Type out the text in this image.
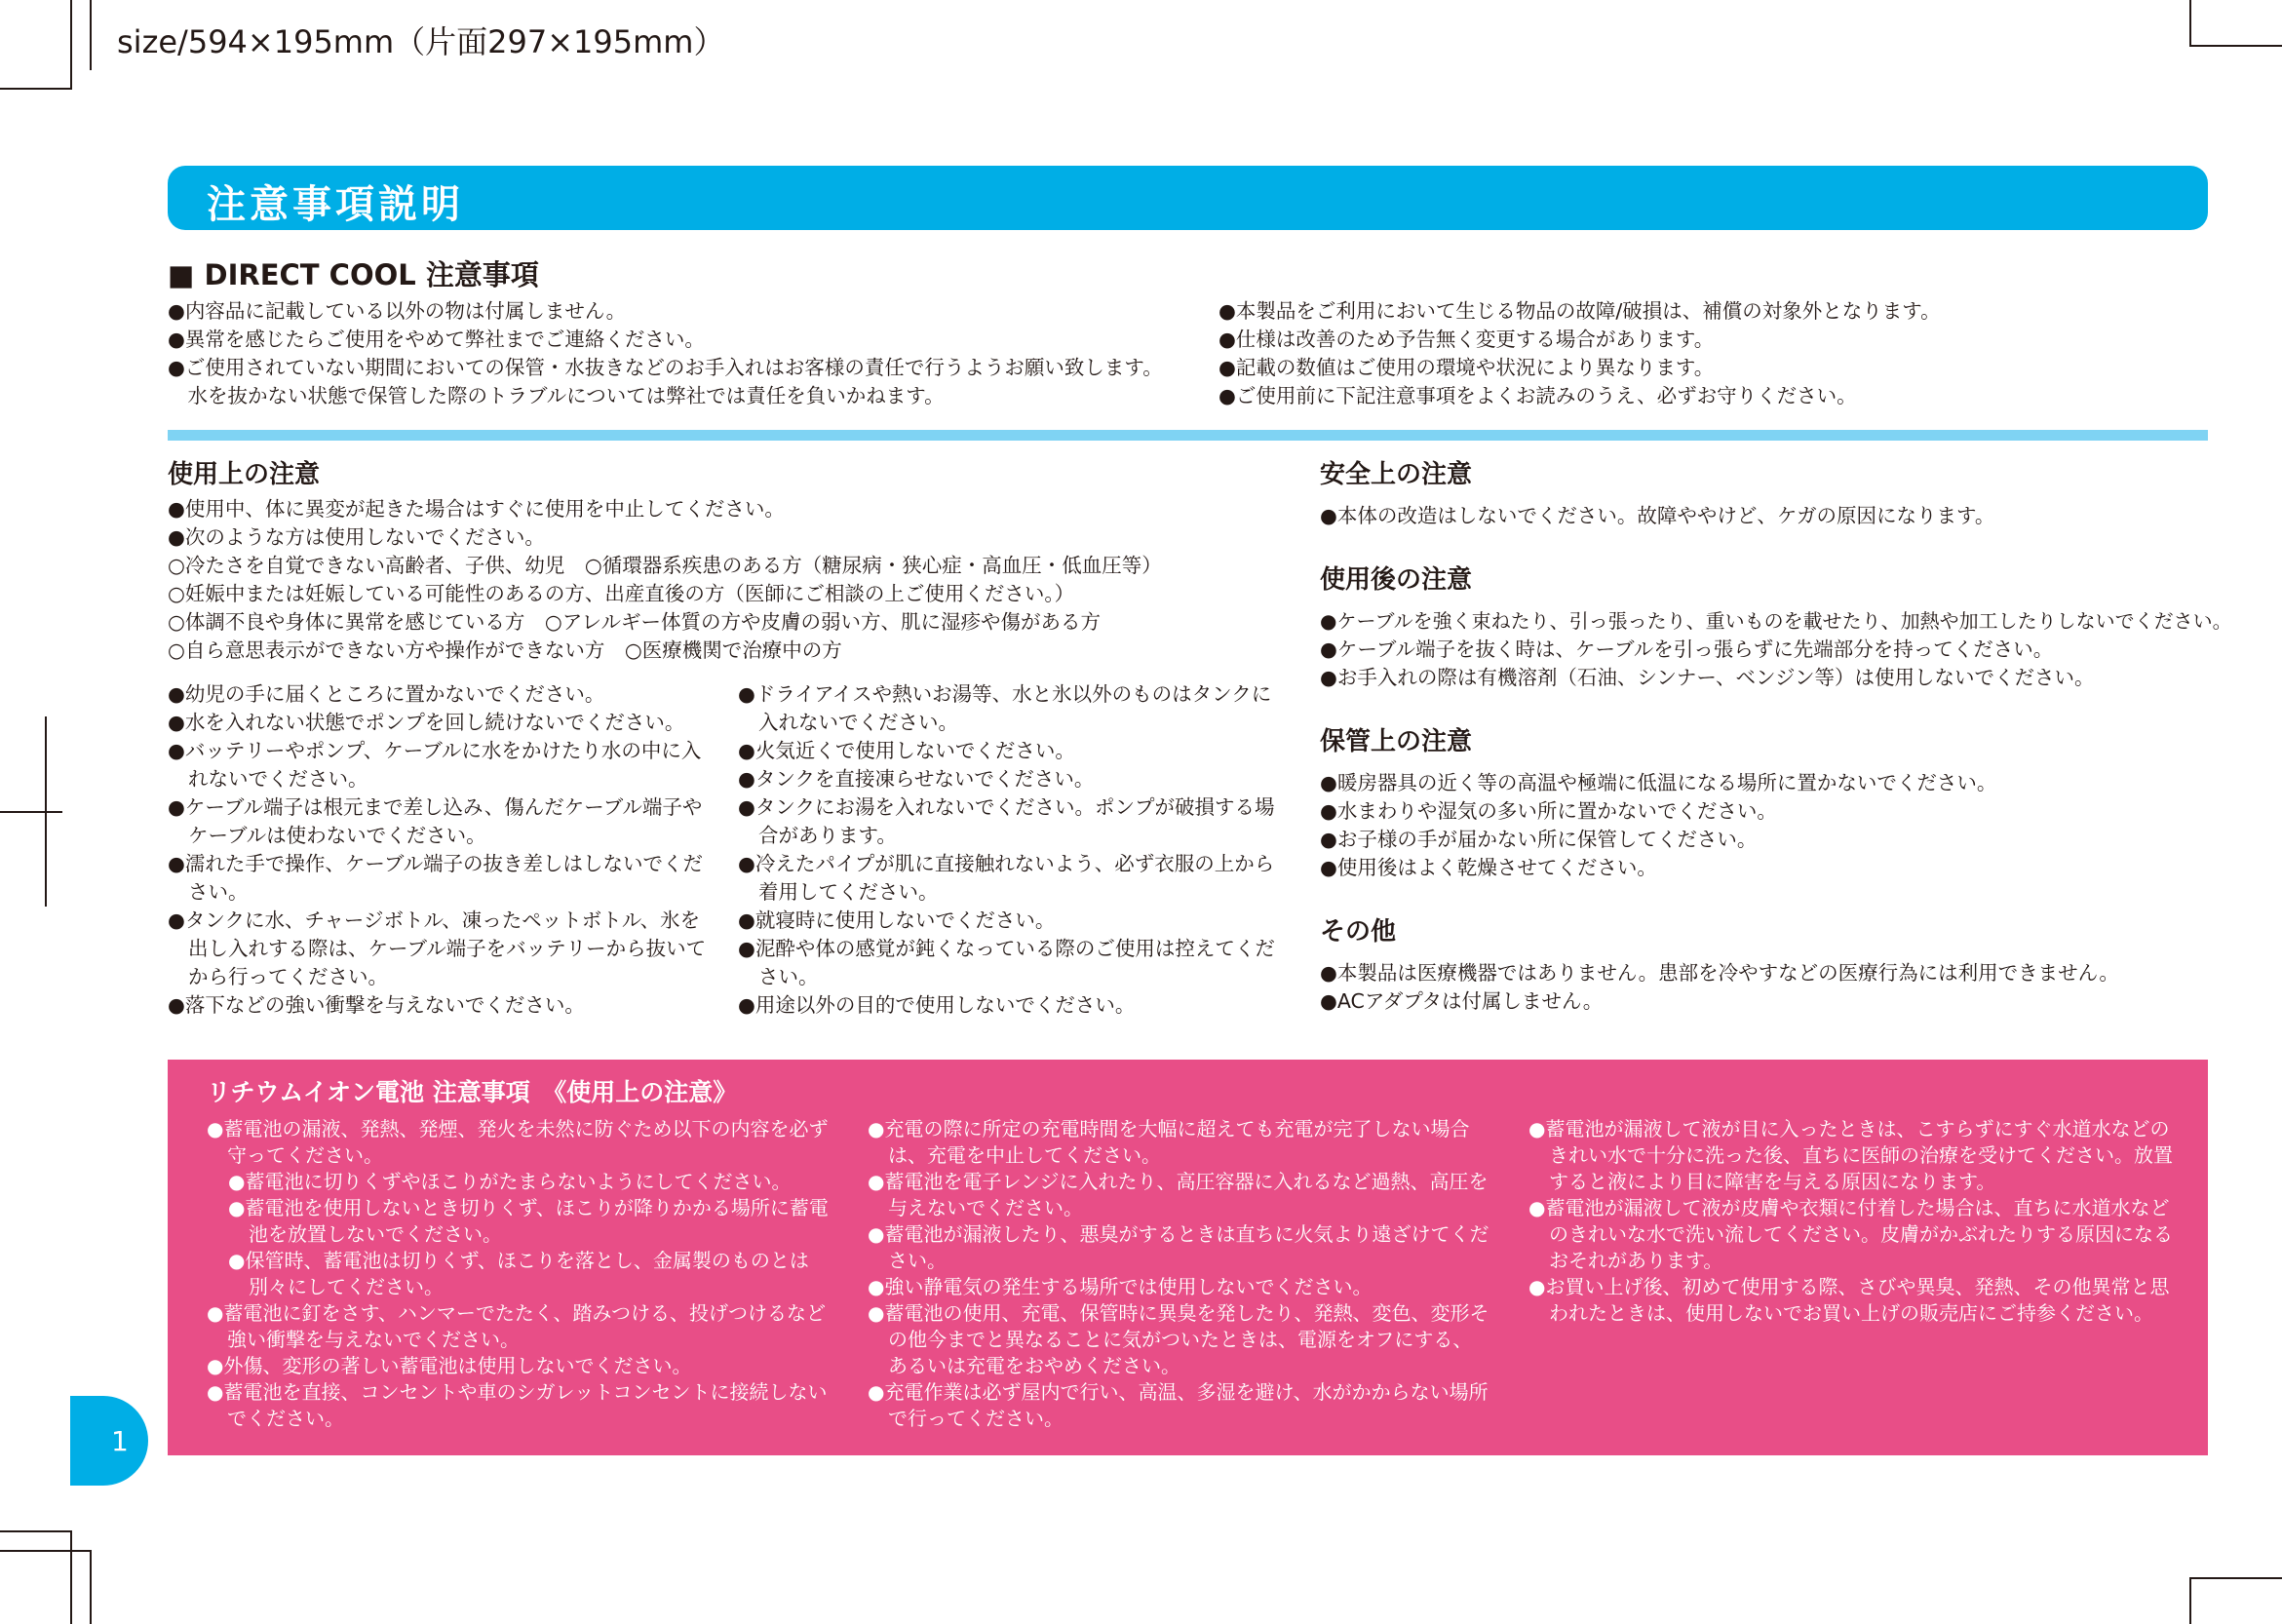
size/594×195mm（片面297×195mm）
注意事項説明
■ DIRECT COOL 注意事項
●内容品に記載している以外の物は付属しません。
●異常を感じたらご使用をやめて弊社までご連絡ください。
●ご使用されていない期間においての保管・水抜きなどのお手入れはお客様の責任で行うようお願い致します。
　水を抜かない状態で保管した際のトラブルについては弊社では責任を負いかねます。
●本製品をご利用において生じる物品の故障/破損は、補償の対象外となります。
●仕様は改善のため予告無く変更する場合があります。
●記載の数値はご使用の環境や状況により異なります。
●ご使用前に下記注意事項をよくお読みのうえ、必ずお守りください。
使用上の注意
●使用中、体に異変が起きた場合はすぐに使用を中止してください。
●次のような方は使用しないでください。
○冷たさを自覚できない高齢者、子供、幼児　○循環器系疾患のある方（糖尿病・狭心症・高血圧・低血圧等）
○妊娠中または妊娠している可能性のあるの方、出産直後の方（医師にご相談の上ご使用ください。）
○体調不良や身体に異常を感じている方　○アレルギー体質の方や皮膚の弱い方、肌に湿疹や傷がある方
○自ら意思表示ができない方や操作ができない方　○医療機関で治療中の方
●幼児の手に届くところに置かないでください。
●水を入れない状態でポンプを回し続けないでください。
●バッテリーやポンプ、ケーブルに水をかけたり水の中に入れないでください。
●ケーブル端子は根元まで差し込み、傷んだケーブル端子やケーブルは使わないでください。
●濡れた手で操作、ケーブル端子の抜き差しはしないでください。
●タンクに水、チャージボトル、凍ったペットボトル、氷を出し入れする際は、ケーブル端子をバッテリーから抜いてから行ってください。
●落下などの強い衝撃を与えないでください。
●ドライアイスや熱いお湯等、水と氷以外のものはタンクに入れないでください。
●火気近くで使用しないでください。
●タンクを直接凍らせないでください。
●タンクにお湯を入れないでください。ポンプが破損する場合があります。
●冷えたパイプが肌に直接触れないよう、必ず衣服の上から着用してください。
●就寝時に使用しないでください。
●泥酔や体の感覚が鈍くなっている際のご使用は控えてください。
●用途以外の目的で使用しないでください。
安全上の注意
●本体の改造はしないでください。故障ややけど、ケガの原因になります。
使用後の注意
●ケーブルを強く束ねたり、引っ張ったり、重いものを載せたり、加熱や加工したりしないでください。
●ケーブル端子を抜く時は、ケーブルを引っ張らずに先端部分を持ってください。
●お手入れの際は有機溶剤（石油、シンナー、ベンジン等）は使用しないでください。
保管上の注意
●暖房器具の近く等の高温や極端に低温になる場所に置かないでください。
●水まわりや湿気の多い所に置かないでください。
●お子様の手が届かない所に保管してください。
●使用後はよく乾燥させてください。
その他
●本製品は医療機器ではありません。患部を冷やすなどの医療行為には利用できません。
●ACアダプタは付属しません。
リチウムイオン電池 注意事項　《使用上の注意》
●蓄電池の漏液、発熱、発煙、発火を未然に防ぐため以下の内容を必ず守ってください。
●蓄電池に切りくずやほこりがたまらないようにしてください。
●蓄電池を使用しないとき切りくず、ほこりが降りかかる場所に蓄電池を放置しないでください。
●保管時、蓄電池は切りくず、ほこりを落とし、金属製のものとは別々にしてください。
●蓄電池に釘をさす、ハンマーでたたく、踏みつける、投げつけるなど強い衝撃を与えないでください。
●外傷、変形の著しい蓄電池は使用しないでください。
●蓄電池を直接、コンセントや車のシガレットコンセントに接続しないでください。
●充電の際に所定の充電時間を大幅に超えても充電が完了しない場合は、充電を中止してください。
●蓄電池を電子レンジに入れたり、高圧容器に入れるなど過熱、高圧を与えないでください。
●蓄電池が漏液したり、悪臭がするときは直ちに火気より遠ざけてください。
●強い静電気の発生する場所では使用しないでください。
●蓄電池の使用、充電、保管時に異臭を発したり、発熱、変色、変形その他今までと異なることに気がついたときは、電源をオフにする、あるいは充電をおやめください。
●充電作業は必ず屋内で行い、高温、多湿を避け、水がかからない場所で行ってください。
●蓄電池が漏液して液が目に入ったときは、こすらずにすぐ水道水などのきれい水で十分に洗った後、直ちに医師の治療を受けてください。放置すると液により目に障害を与える原因になります。
●蓄電池が漏液して液が皮膚や衣類に付着した場合は、直ちに水道水などのきれいな水で洗い流してください。皮膚がかぶれたりする原因になるおそれがあります。
●お買い上げ後、初めて使用する際、さびや異臭、発熱、その他異常と思われたときは、使用しないでお買い上げの販売店にご持参ください。
1
